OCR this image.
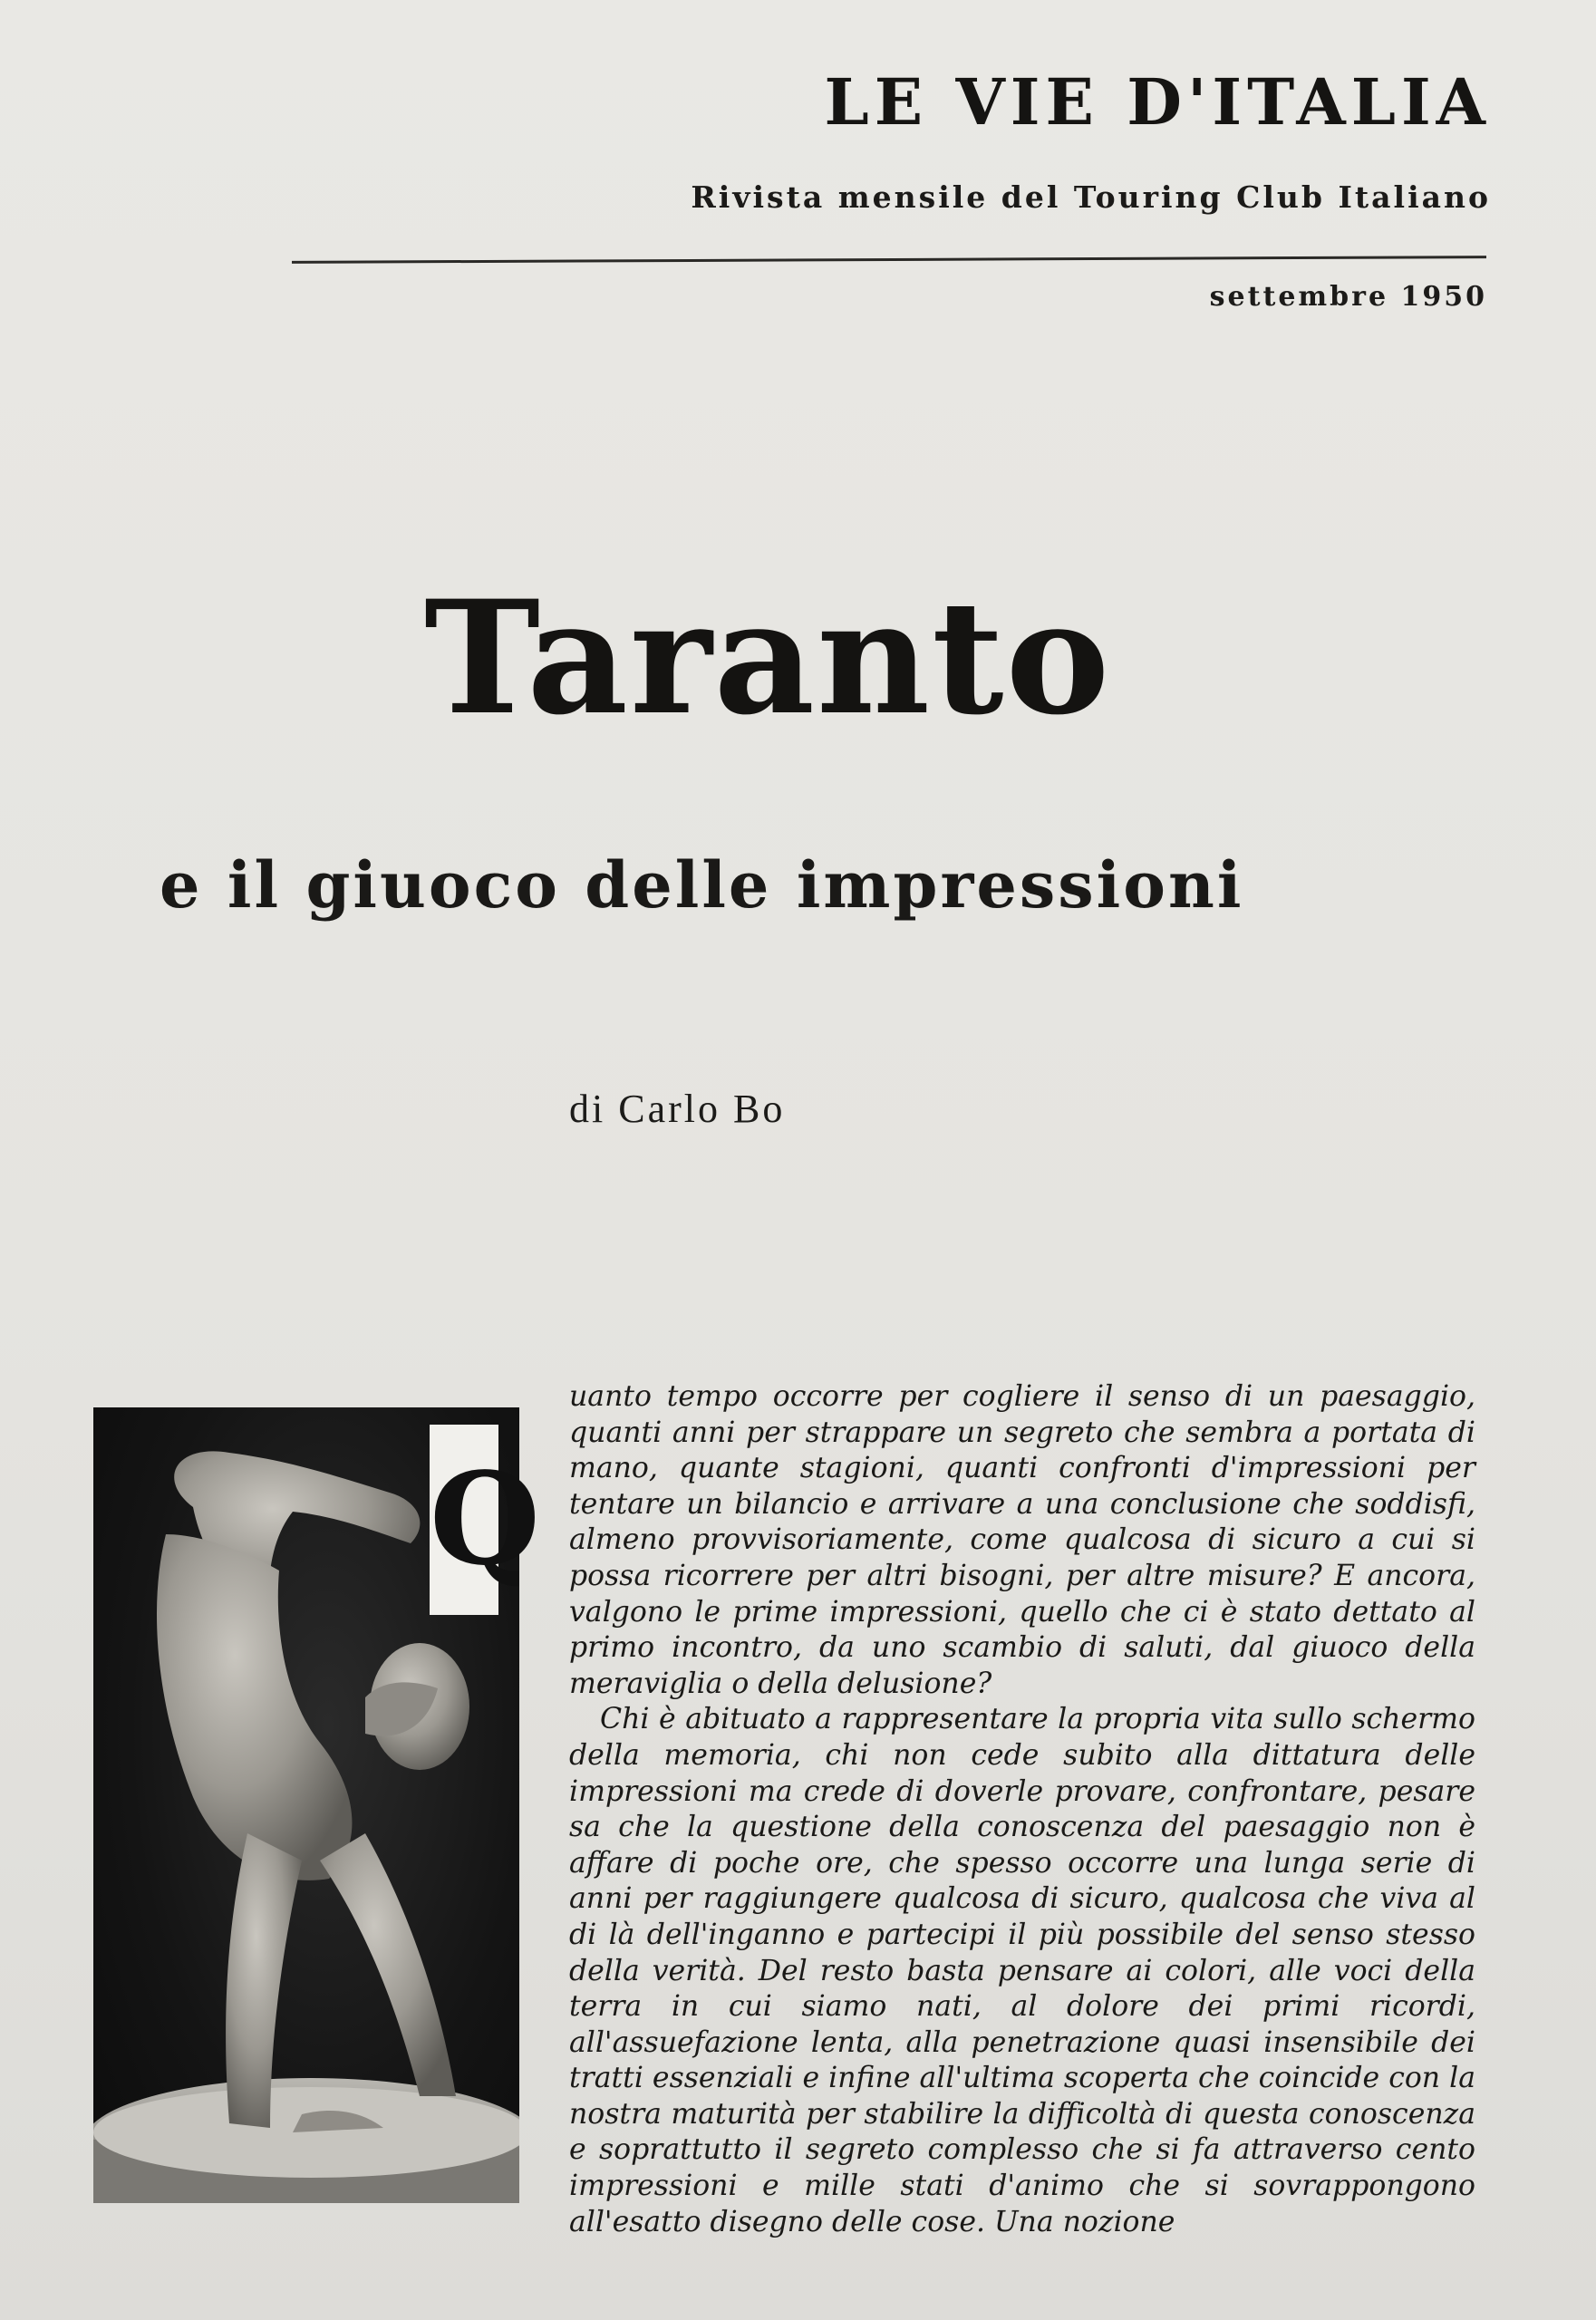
LE VIE D'ITALIA
Rivista mensile del Touring Club Italiano
settembre 1950
Taranto
e il giuoco delle impressioni
di Carlo Bo
Q

uanto tempo occorre per cogliere il senso di un paesaggio, quanti anni per strappare un segreto che sembra a portata di mano, quante stagioni, quanti confronti d'impressioni per tentare un bilancio e arrivare a una conclusione che soddisfi, almeno provvisoriamente, come qualcosa di sicuro a cui si possa ricorrere per altri bisogni, per altre misure? E ancora, valgono le prime impressioni, quello che ci è stato dettato al primo incontro, da uno scambio di saluti, dal giuoco della meraviglia o della delusione?

Chi è abituato a rappresentare la propria vita sullo schermo della memoria, chi non cede subito alla dittatura delle impressioni ma crede di doverle provare, confrontare, pesare sa che la questione della conoscenza del paesaggio non è affare di poche ore, che spesso occorre una lunga serie di anni per raggiungere qualcosa di sicuro, qualcosa che viva al di là dell'inganno e partecipi il più possibile del senso stesso della verità. Del resto basta pensare ai colori, alle voci della terra in cui siamo nati, al dolore dei primi ricordi, all'assuefazione lenta, alla penetrazione quasi insensibile dei tratti essenziali e infine all'ultima scoperta che coincide con la nostra maturità per stabilire la difficoltà di questa conoscenza e soprattutto il segreto complesso che si fa attraverso cento impressioni e mille stati d'animo che si sovrappongono all'esatto disegno delle cose. Una nozione
